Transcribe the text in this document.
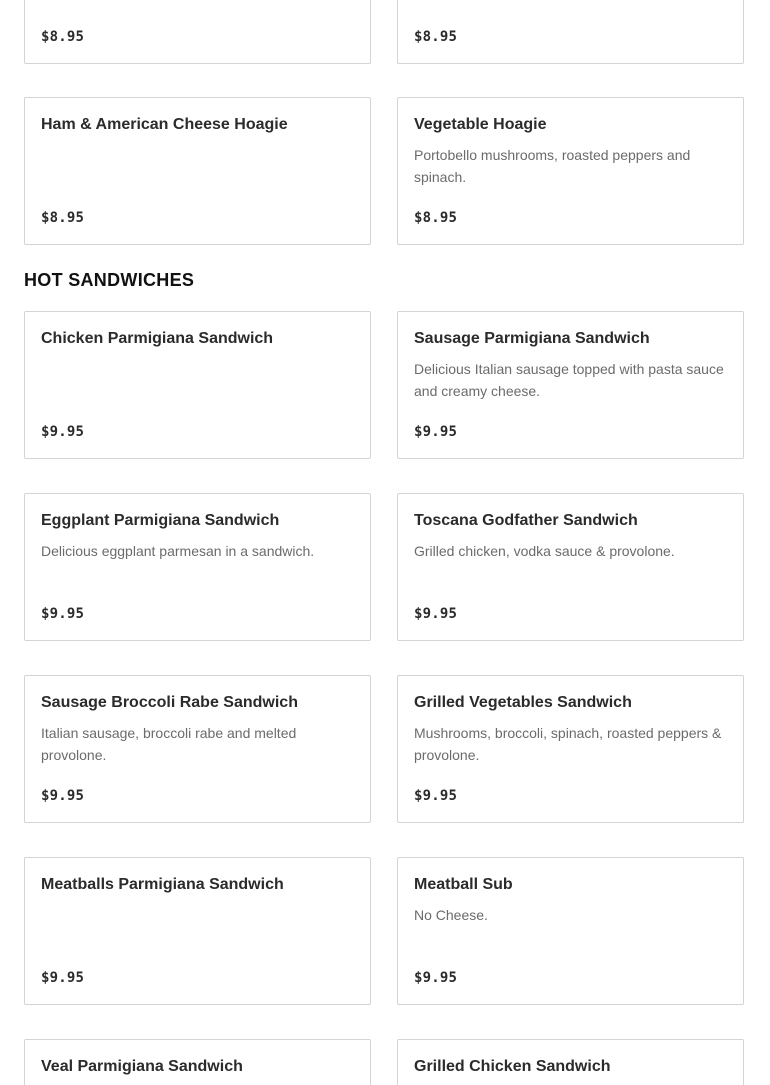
$8.95	$8.95
Ham & American Cheese Hoagie
$8.95
Vegetable Hoagie
Portobello mushrooms, roasted peppers and spinach.
$8.95
HOT SANDWICHES
Chicken Parmigiana Sandwich
$9.95
Sausage Parmigiana Sandwich
Delicious Italian sausage topped with pasta sauce and creamy cheese.
$9.95
Eggplant Parmigiana Sandwich
Delicious eggplant parmesan in a sandwich.
$9.95
Toscana Godfather Sandwich
Grilled chicken, vodka sauce & provolone.
$9.95
Sausage Broccoli Rabe Sandwich
Italian sausage, broccoli rabe and melted provolone.
$9.95
Grilled Vegetables Sandwich
Mushrooms, broccoli, spinach, roasted peppers & provolone.
$9.95
Meatballs Parmigiana Sandwich
$9.95
Meatball Sub
No Cheese.
$9.95
Veal Parmigiana Sandwich	Grilled Chicken Sandwich
